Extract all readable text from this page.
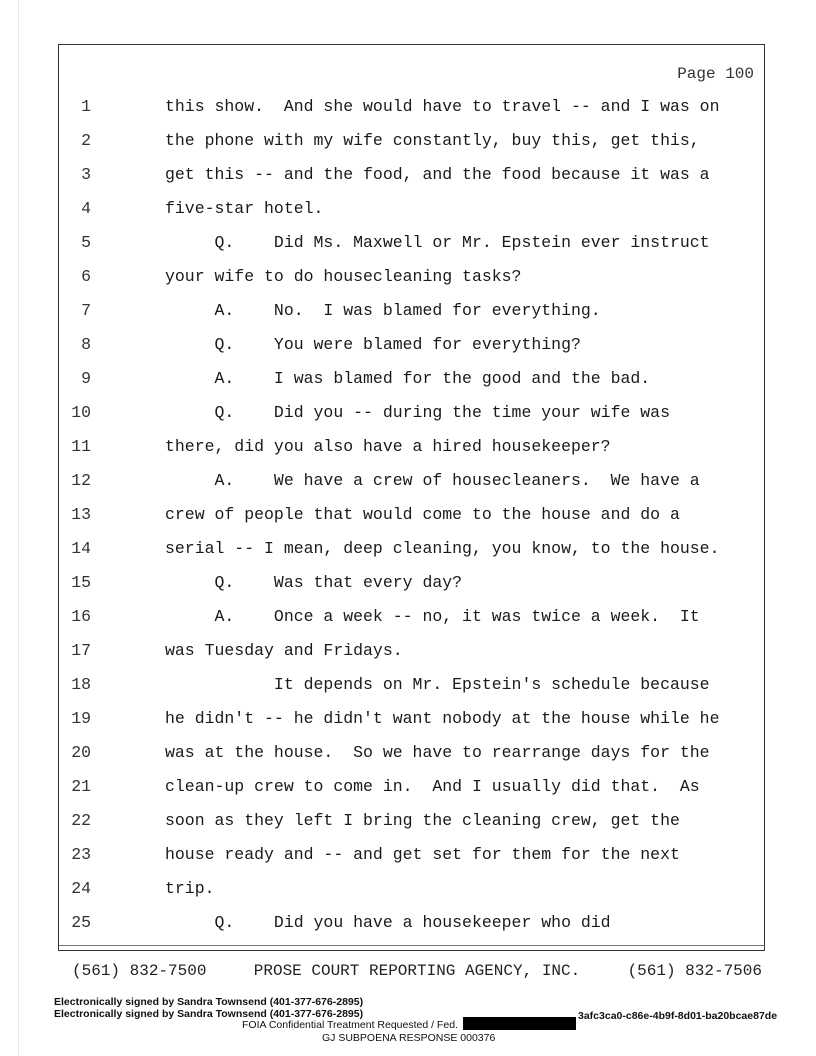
Page 100
1	this show.  And she would have to travel -- and I was on
2	the phone with my wife constantly, buy this, get this,
3	get this -- and the food, and the food because it was a
4	five-star hotel.
5	Q.    Did Ms. Maxwell or Mr. Epstein ever instruct
6	your wife to do housecleaning tasks?
7	A.    No.  I was blamed for everything.
8	Q.    You were blamed for everything?
9	A.    I was blamed for the good and the bad.
10	Q.    Did you -- during the time your wife was
11	there, did you also have a hired housekeeper?
12	A.    We have a crew of housecleaners.  We have a
13	crew of people that would come to the house and do a
14	serial -- I mean, deep cleaning, you know, to the house.
15	Q.    Was that every day?
16	A.    Once a week -- no, it was twice a week.  It
17	was Tuesday and Fridays.
18	It depends on Mr. Epstein's schedule because
19	he didn't -- he didn't want nobody at the house while he
20	was at the house.  So we have to rearrange days for the
21	clean-up crew to come in.  And I usually did that.  As
22	soon as they left I bring the cleaning crew, get the
23	house ready and -- and get set for them for the next
24	trip.
25	Q.    Did you have a housekeeper who did
(561) 832-7500	PROSE COURT REPORTING AGENCY, INC.	(561) 832-7506
Electronically signed by Sandra Townsend (401-377-676-2895)
Electronically signed by Sandra Townsend (401-377-676-2895)	3afc3ca0-c86e-4b9f-8d01-ba20bcae87de
FOIA Confidential Treatment Requested / Fed.
GJ SUBPOENA RESPONSE 000376
